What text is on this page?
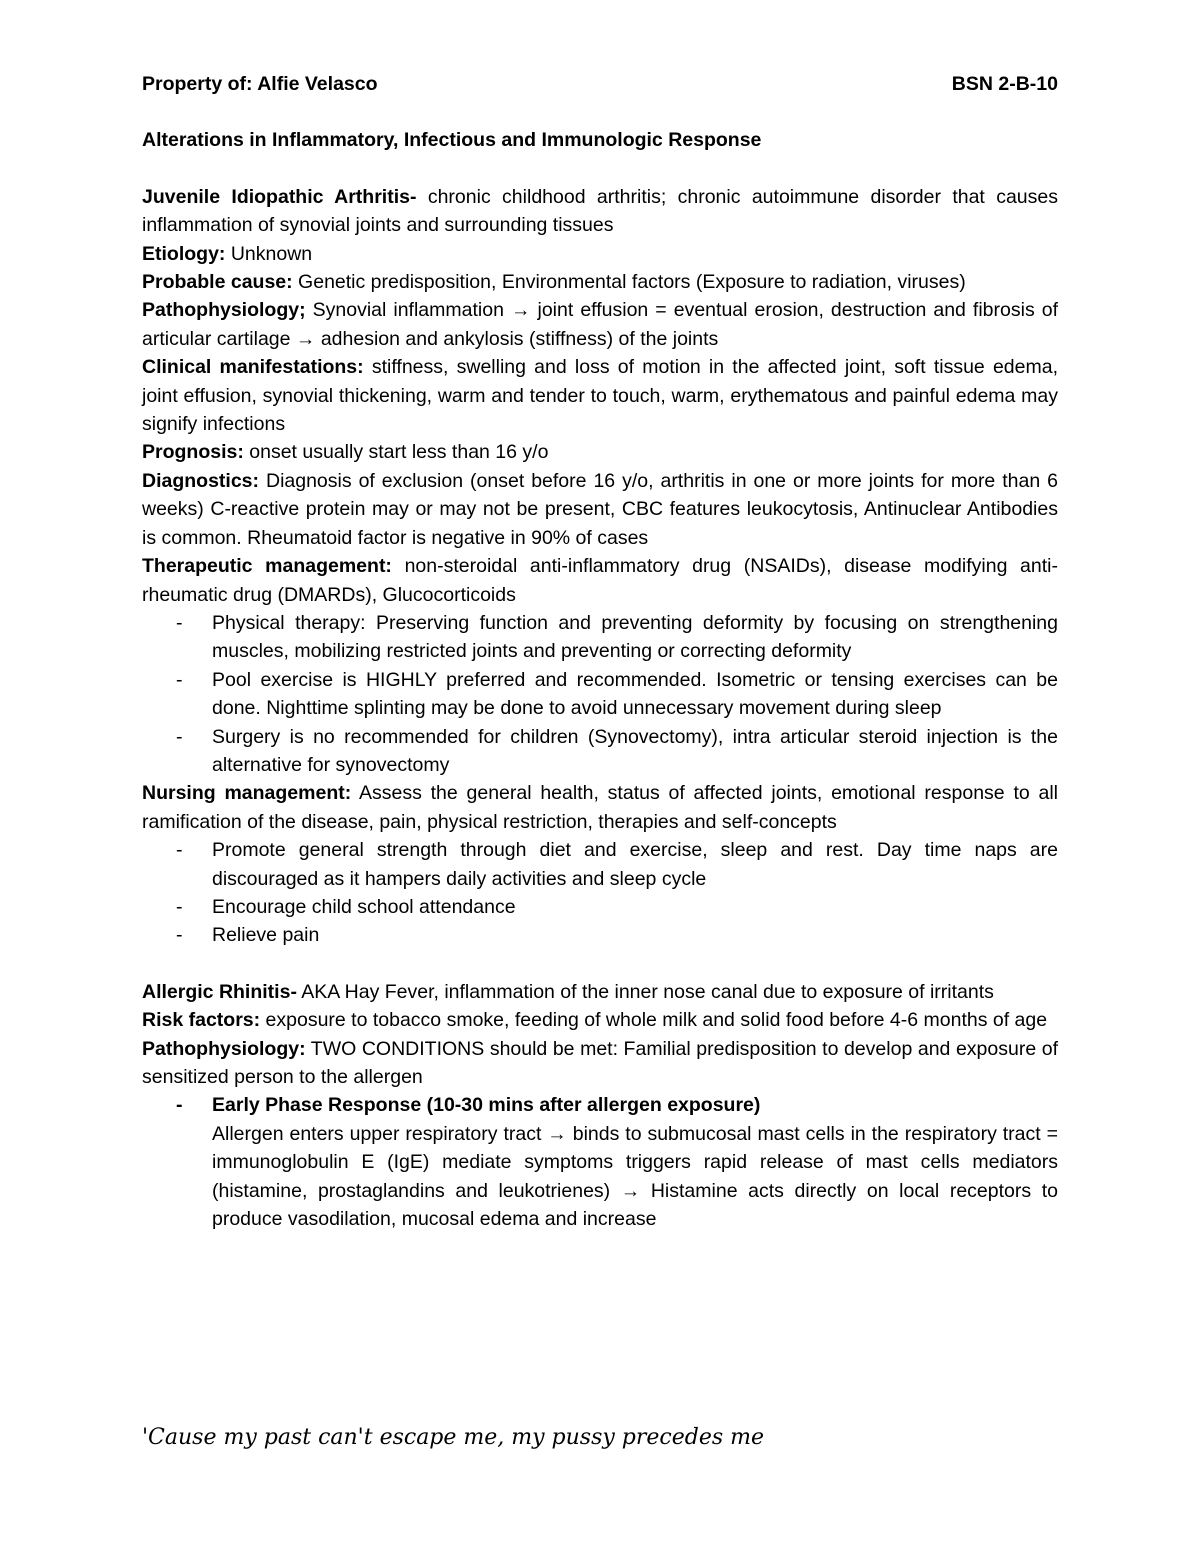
Property of: Alfie Velasco	BSN 2-B-10
Alterations in Inflammatory, Infectious and Immunologic Response
Juvenile Idiopathic Arthritis- chronic childhood arthritis; chronic autoimmune disorder that causes inflammation of synovial joints and surrounding tissues
Etiology: Unknown
Probable cause: Genetic predisposition, Environmental factors (Exposure to radiation, viruses)
Pathophysiology; Synovial inflammation → joint effusion = eventual erosion, destruction and fibrosis of articular cartilage → adhesion and ankylosis (stiffness) of the joints
Clinical manifestations: stiffness, swelling and loss of motion in the affected joint, soft tissue edema, joint effusion, synovial thickening, warm and tender to touch, warm, erythematous and painful edema may signify infections
Prognosis: onset usually start less than 16 y/o
Diagnostics: Diagnosis of exclusion (onset before 16 y/o, arthritis in one or more joints for more than 6 weeks) C-reactive protein may or may not be present, CBC features leukocytosis, Antinuclear Antibodies is common. Rheumatoid factor is negative in 90% of cases
Therapeutic management: non-steroidal anti-inflammatory drug (NSAIDs), disease modifying anti-rheumatic drug (DMARDs), Glucocorticoids
- Physical therapy: Preserving function and preventing deformity by focusing on strengthening muscles, mobilizing restricted joints and preventing or correcting deformity
- Pool exercise is HIGHLY preferred and recommended. Isometric or tensing exercises can be done. Nighttime splinting may be done to avoid unnecessary movement during sleep
- Surgery is no recommended for children (Synovectomy), intra articular steroid injection is the alternative for synovectomy
Nursing management: Assess the general health, status of affected joints, emotional response to all ramification of the disease, pain, physical restriction, therapies and self-concepts
- Promote general strength through diet and exercise, sleep and rest. Day time naps are discouraged as it hampers daily activities and sleep cycle
- Encourage child school attendance
- Relieve pain
Allergic Rhinitis- AKA Hay Fever, inflammation of the inner nose canal due to exposure of irritants
Risk factors: exposure to tobacco smoke, feeding of whole milk and solid food before 4-6 months of age
Pathophysiology: TWO CONDITIONS should be met: Familial predisposition to develop and exposure of sensitized person to the allergen
- Early Phase Response (10-30 mins after allergen exposure)
Allergen enters upper respiratory tract → binds to submucosal mast cells in the respiratory tract = immunoglobulin E (IgE) mediate symptoms triggers rapid release of mast cells mediators (histamine, prostaglandins and leukotrienes) → Histamine acts directly on local receptors to produce vasodilation, mucosal edema and increase
'Cause my past can't escape me, my pussy precedes me
